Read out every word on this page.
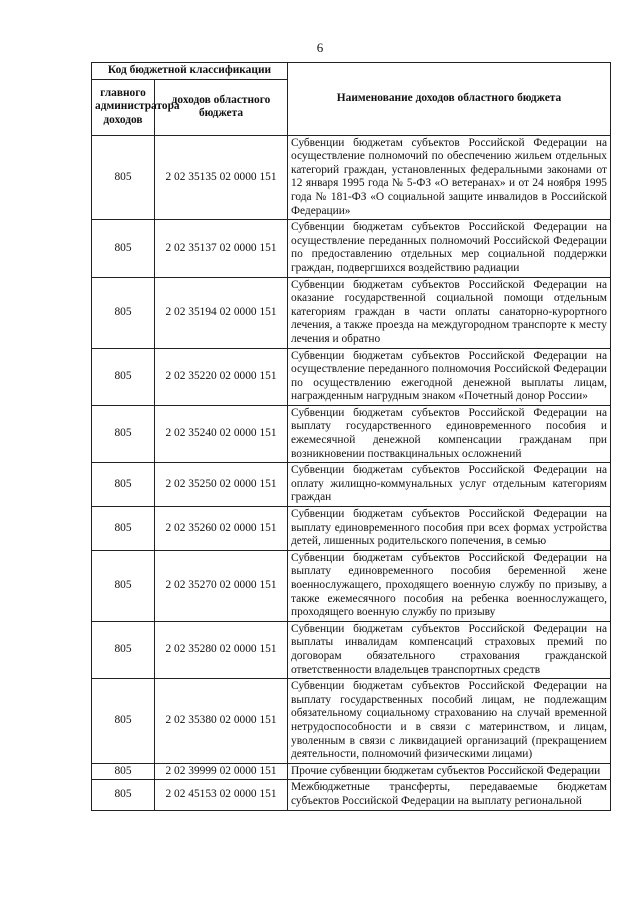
6
Код бюджетной классификации		Наименование доходов областного бюджета
главного администратора доходов	доходов областного бюджета	
805	2 02 35135 02 0000 151	Субвенции бюджетам субъектов Российской Федерации на осуществление полномочий по обеспечению жильем отдельных категорий граждан, установленных федеральными законами от 12 января 1995 года № 5-ФЗ «О ветеранах» и от 24 ноября 1995 года № 181-ФЗ «О социальной защите инвалидов в Российской Федерации»
805	2 02 35137 02 0000 151	Субвенции бюджетам субъектов Российской Федерации на осуществление переданных полномочий Российской Федерации по предоставлению отдельных мер социальной поддержки граждан, подвергшихся воздействию радиации
805	2 02 35194 02 0000 151	Субвенции бюджетам субъектов Российской Федерации на оказание государственной социальной помощи отдельным категориям граждан в части оплаты санаторно-курортного лечения, а также проезда на междугородном транспорте к месту лечения и обратно
805	2 02 35220 02 0000 151	Субвенции бюджетам субъектов Российской Федерации на осуществление переданного полномочия Российской Федерации по осуществлению ежегодной денежной выплаты лицам, награжденным нагрудным знаком «Почетный донор России»
805	2 02 35240 02 0000 151	Субвенции бюджетам субъектов Российской Федерации на выплату государственного единовременного пособия и ежемесячной денежной компенсации гражданам при возникновении поствакцинальных осложнений
805	2 02 35250 02 0000 151	Субвенции бюджетам субъектов Российской Федерации на оплату жилищно-коммунальных услуг отдельным категориям граждан
805	2 02 35260 02 0000 151	Субвенции бюджетам субъектов Российской Федерации на выплату единовременного пособия при всех формах устройства детей, лишенных родительского попечения, в семью
805	2 02 35270 02 0000 151	Субвенции бюджетам субъектов Российской Федерации на выплату единовременного пособия беременной жене военнослужащего, проходящего военную службу по призыву, а также ежемесячного пособия на ребенка военнослужащего, проходящего военную службу по призыву
805	2 02 35280 02 0000 151	Субвенции бюджетам субъектов Российской Федерации на выплаты инвалидам компенсаций страховых премий по договорам обязательного страхования гражданской ответственности владельцев транспортных средств
805	2 02 35380 02 0000 151	Субвенции бюджетам субъектов Российской Федерации на выплату государственных пособий лицам, не подлежащим обязательному социальному страхованию на случай временной нетрудоспособности и в связи с материнством, и лицам, уволенным в связи с ликвидацией организаций (прекращением деятельности, полномочий физическими лицами)
805	2 02 39999 02 0000 151	Прочие субвенции бюджетам субъектов Российской Федерации
805	2 02 45153 02 0000 151	Межбюджетные трансферты, передаваемые бюджетам субъектов Российской Федерации на выплату региональной
